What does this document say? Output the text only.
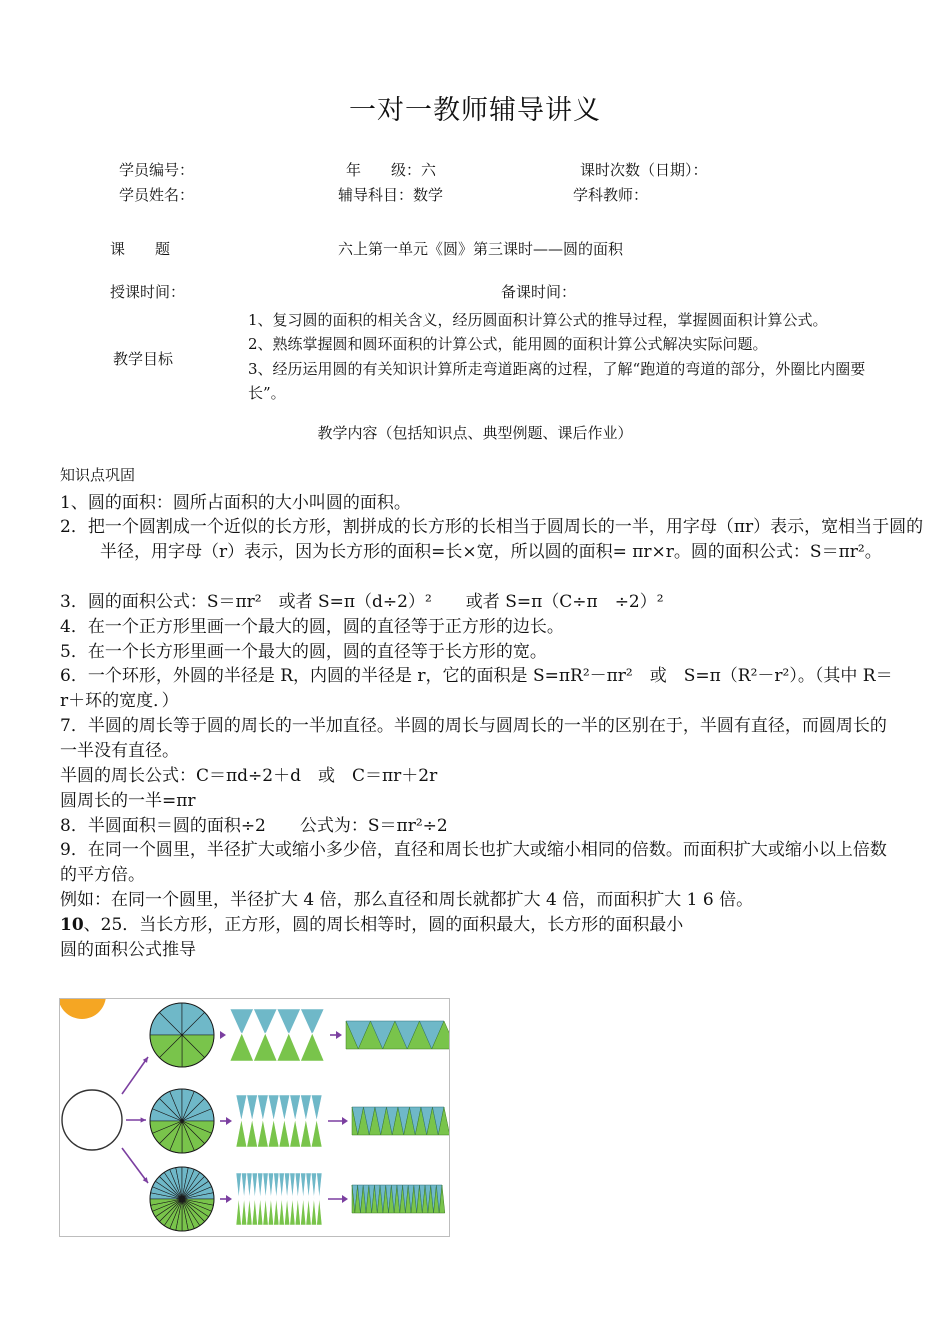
一对一教师辅导讲义
学员编号：	年　　级：六	课时次数（日期）：
学员姓名：	辅导科目：数学	学科教师：
课　　题	六上第一单元《圆》第三课时——圆的面积
授课时间：	备课时间：
教学目标
1、复习圆的面积的相关含义，经历圆面积计算公式的推导过程，掌握圆面积计算公式。
2、熟练掌握圆和圆环面积的计算公式，能用圆的面积计算公式解决实际问题。
3、经历运用圆的有关知识计算所走弯道距离的过程，了解“跑道的弯道的部分，外圈比内圈要长”。
教学内容（包括知识点、典型例题、课后作业）
知识点巩固
1、圆的面积：圆所占面积的大小叫圆的面积。
2．把一个圆割成一个近似的长方形，割拼成的长方形的长相当于圆周长的一半，用字母（πr）表示，宽相当于圆的半径，用字母（r）表示，因为长方形的面积=长×宽，所以圆的面积= πr×r。圆的面积公式：S＝πr²。
3．圆的面积公式：S＝πr²　或者 S=π（d÷2）²　　或者 S=π（C÷π　÷2）²
4．在一个正方形里画一个最大的圆，圆的直径等于正方形的边长。
5．在一个长方形里画一个最大的圆，圆的直径等于长方形的宽。
6．一个环形，外圆的半径是 R，内圆的半径是 r，它的面积是 S=πR²－πr²　或　S=π（R²－r²）。（其中 R＝r＋环的宽度．）
7．半圆的周长等于圆的周长的一半加直径。半圆的周长与圆周长的一半的区别在于，半圆有直径，而圆周长的一半没有直径。
半圆的周长公式：C＝πd÷2＋d　或　C＝πr＋2r
圆周长的一半=πr
8．半圆面积＝圆的面积÷2　　公式为：S＝πr²÷2
9．在同一个圆里，半径扩大或缩小多少倍，直径和周长也扩大或缩小相同的倍数。而面积扩大或缩小以上倍数的平方倍。
例如：在同一个圆里，半径扩大 4 倍，那么直径和周长就都扩大 4 倍，而面积扩大 1 6 倍。
10、25．当长方形，正方形，圆的周长相等时，圆的面积最大，长方形的面积最小
圆的面积公式推导
